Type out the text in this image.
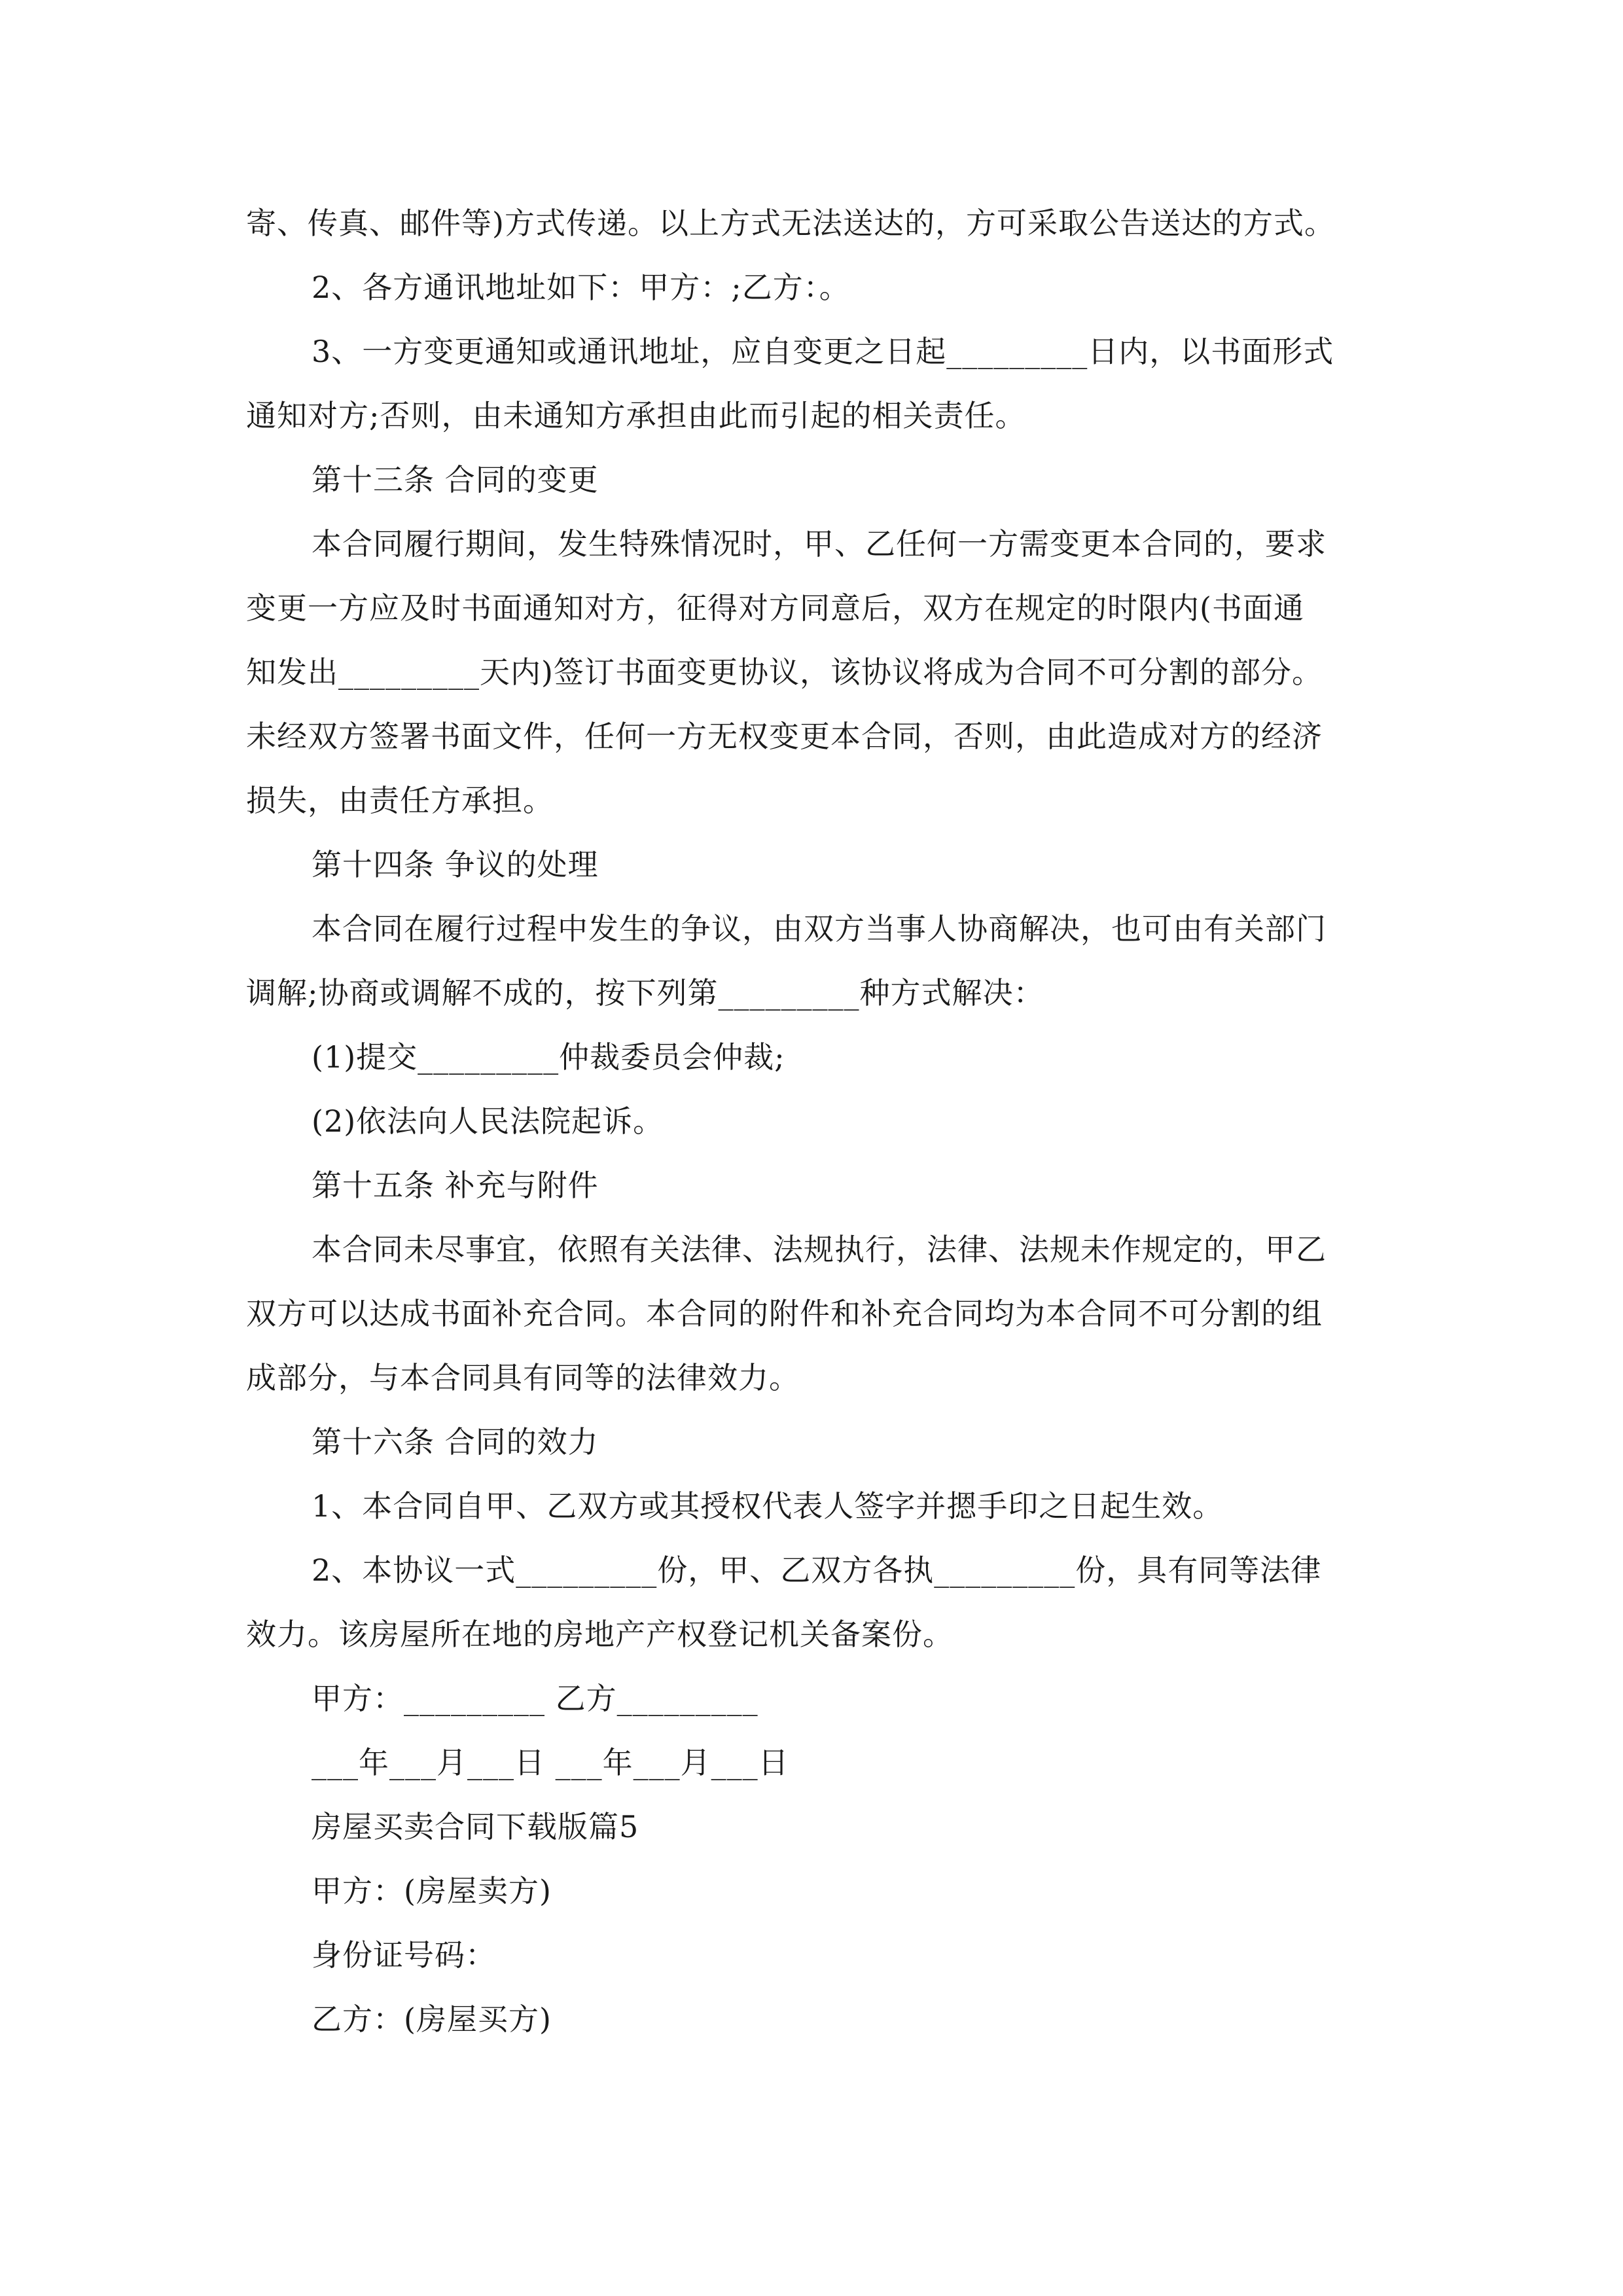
寄、传真、邮件等)方式传递。以上方式无法送达的，方可采取公告送达的方式。
2、各方通讯地址如下：甲方：;乙方：。
3、一方变更通知或通讯地址，应自变更之日起_________日内，以书面形式
通知对方;否则，由未通知方承担由此而引起的相关责任。
第十三条 合同的变更
本合同履行期间，发生特殊情况时，甲、乙任何一方需变更本合同的，要求
变更一方应及时书面通知对方，征得对方同意后，双方在规定的时限内(书面通
知发出_________天内)签订书面变更协议，该协议将成为合同不可分割的部分。
未经双方签署书面文件，任何一方无权变更本合同，否则，由此造成对方的经济
损失，由责任方承担。
第十四条 争议的处理
本合同在履行过程中发生的争议，由双方当事人协商解决，也可由有关部门
调解;协商或调解不成的，按下列第_________种方式解决：
(1)提交_________仲裁委员会仲裁;
(2)依法向人民法院起诉。
第十五条 补充与附件
本合同未尽事宜，依照有关法律、法规执行，法律、法规未作规定的，甲乙
双方可以达成书面补充合同。本合同的附件和补充合同均为本合同不可分割的组
成部分，与本合同具有同等的法律效力。
第十六条 合同的效力
1、本合同自甲、乙双方或其授权代表人签字并摁手印之日起生效。
2、本协议一式_________份，甲、乙双方各执_________份，具有同等法律
效力。该房屋所在地的房地产产权登记机关备案份。
甲方：_________ 乙方_________
___年___月___日 ___年___月___日
房屋买卖合同下载版篇5
甲方：(房屋卖方)
身份证号码：
乙方：(房屋买方)
